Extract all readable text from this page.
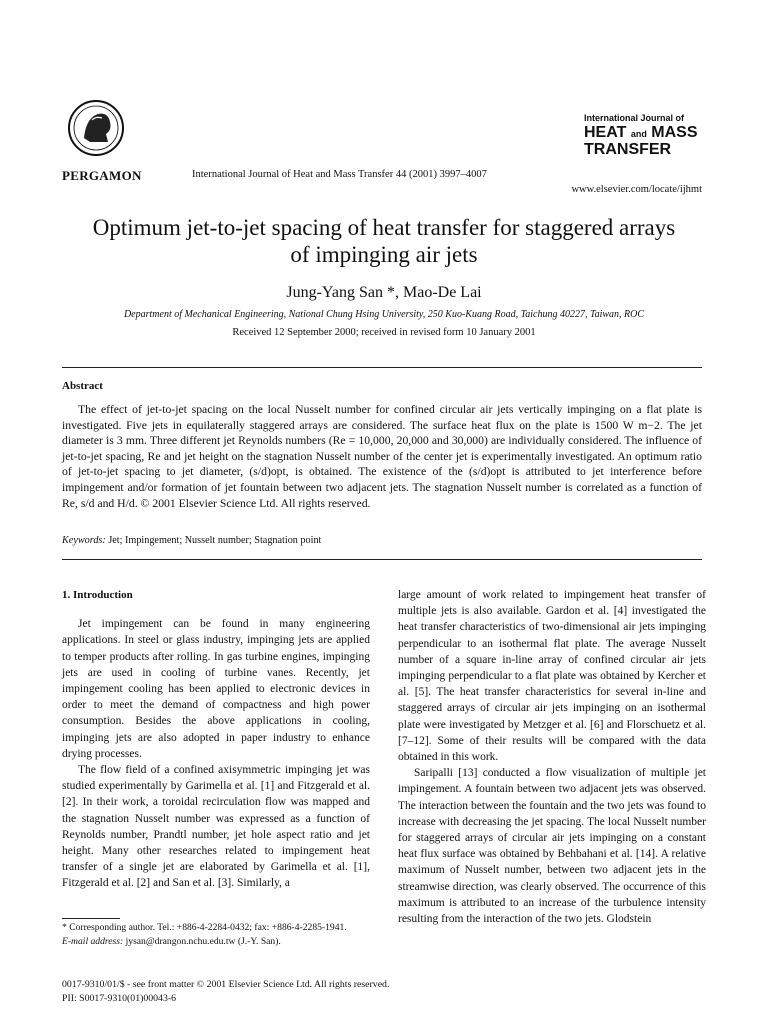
PERGAMON	International Journal of Heat and Mass Transfer 44 (2001) 3997–4007
International Journal of
HEAT and MASS
TRANSFER
www.elsevier.com/locate/ijhmt
Optimum jet-to-jet spacing of heat transfer for staggered arrays
of impinging air jets
Jung-Yang San *, Mao-De Lai
Department of Mechanical Engineering, National Chung Hsing University, 250 Kuo-Kuang Road, Taichung 40227, Taiwan, ROC
Received 12 September 2000; received in revised form 10 January 2001
Abstract
The effect of jet-to-jet spacing on the local Nusselt number for confined circular air jets vertically impinging on a flat plate is investigated. Five jets in equilaterally staggered arrays are considered. The surface heat flux on the plate is 1500 W m−2. The jet diameter is 3 mm. Three different jet Reynolds numbers (Re = 10,000, 20,000 and 30,000) are individually considered. The influence of jet-to-jet spacing, Re and jet height on the stagnation Nusselt number of the center jet is experimentally investigated. An optimum ratio of jet-to-jet spacing to jet diameter, (s/d)opt, is obtained. The existence of the (s/d)opt is attributed to jet interference before impingement and/or formation of jet fountain between two adjacent jets. The stagnation Nusselt number is correlated as a function of Re, s/d and H/d. © 2001 Elsevier Science Ltd. All rights reserved.
Keywords: Jet; Impingement; Nusselt number; Stagnation point
1. Introduction

Jet impingement can be found in many engineering applications. In steel or glass industry, impinging jets are applied to temper products after rolling. In gas turbine engines, impinging jets are used in cooling of turbine vanes. Recently, jet impingement cooling has been applied to electronic devices in order to meet the demand of compactness and high power consumption. Besides the above applications in cooling, impinging jets are also adopted in paper industry to enhance drying processes.

The flow field of a confined axisymmetric impinging jet was studied experimentally by Garimella et al. [1] and Fitzgerald et al. [2]. In their work, a toroidal recirculation flow was mapped and the stagnation Nusselt number was expressed as a function of Reynolds number, Prandtl number, jet hole aspect ratio and jet height. Many other researches related to impingement heat transfer of a single jet are elaborated by Garimella et al. [1], Fitzgerald et al. [2] and San et al. [3]. Similarly, a

large amount of work related to impingement heat transfer of multiple jets is also available. Gardon et al. [4] investigated the heat transfer characteristics of two-dimensional air jets impinging perpendicular to an isothermal flat plate. The average Nusselt number of a square in-line array of confined circular air jets impinging perpendicular to a flat plate was obtained by Kercher et al. [5]. The heat transfer characteristics for several in-line and staggered arrays of circular air jets impinging on an isothermal plate were investigated by Metzger et al. [6] and Florschuetz et al. [7–12]. Some of their results will be compared with the data obtained in this work.

Saripalli [13] conducted a flow visualization of multiple jet impingement. A fountain between two adjacent jets was observed. The interaction between the fountain and the two jets was found to increase with decreasing the jet spacing. The local Nusselt number for staggered arrays of circular air jets impinging on a constant heat flux surface was obtained by Behbahani et al. [14]. A relative maximum of Nusselt number, between two adjacent jets in the streamwise direction, was clearly observed. The occurrence of this maximum is attributed to an increase of the turbulence intensity resulting from the interaction of the two jets. Glodstein

* Corresponding author. Tel.: +886-4-2284-0432; fax: +886-4-2285-1941.
E-mail address: jysan@drangon.nchu.edu.tw (J.-Y. San).
0017-9310/01/$ - see front matter © 2001 Elsevier Science Ltd. All rights reserved.
PII: S0017-9310(01)00043-6
